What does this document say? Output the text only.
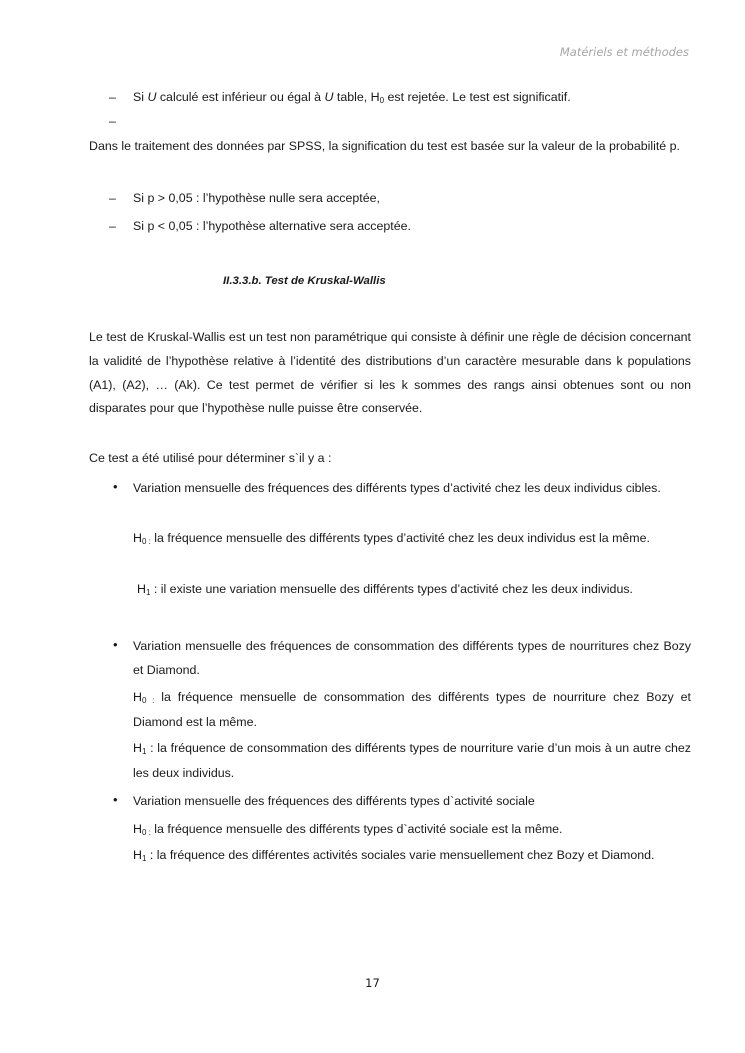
Matériels et méthodes
– Si U calculé est inférieur ou égal à U table, $H_0$ est rejetée. Le test est significatif.
–
Dans le traitement des données par SPSS, la signification du test est basée sur la valeur de la probabilité p.
– Si p > 0,05 : l’hypothèse nulle sera acceptée,
– Si p < 0,05 : l’hypothèse alternative sera acceptée.
II.3.3.b. Test de Kruskal-Wallis
Le test de Kruskal-Wallis est un test non paramétrique qui consiste à définir une règle de décision concernant la validité de l’hypothèse relative à l’identité des distributions d’un caractère mesurable dans k populations (A1), (A2), … (Ak). Ce test permet de vérifier si les k sommes des rangs ainsi obtenues sont ou non disparates pour que l’hypothèse nulle puisse être conservée.
Ce test a été utilisé pour déterminer s`il y a :
• Variation mensuelle des fréquences des différents types d’activité chez les deux individus cibles.
$H_{0 :}$ la fréquence mensuelle des différents types d’activité chez les deux individus est la même.
$H_1$ : il existe une variation mensuelle des différents types d’activité chez les deux individus.
• Variation mensuelle des fréquences de consommation des différents types de nourritures chez Bozy et Diamond.
$H_{0 :}$ la fréquence mensuelle de consommation des différents types de nourriture chez Bozy et Diamond est la même.
$H_1$ : la fréquence de consommation des différents types de nourriture varie d’un mois à un autre chez les deux individus.
• Variation mensuelle des fréquences des différents types d`activité sociale
$H_{0 :}$ la fréquence mensuelle des différents types d`activité sociale est la même.
$H_1$ : la fréquence des différentes activités sociales varie mensuellement chez Bozy et Diamond.
17
